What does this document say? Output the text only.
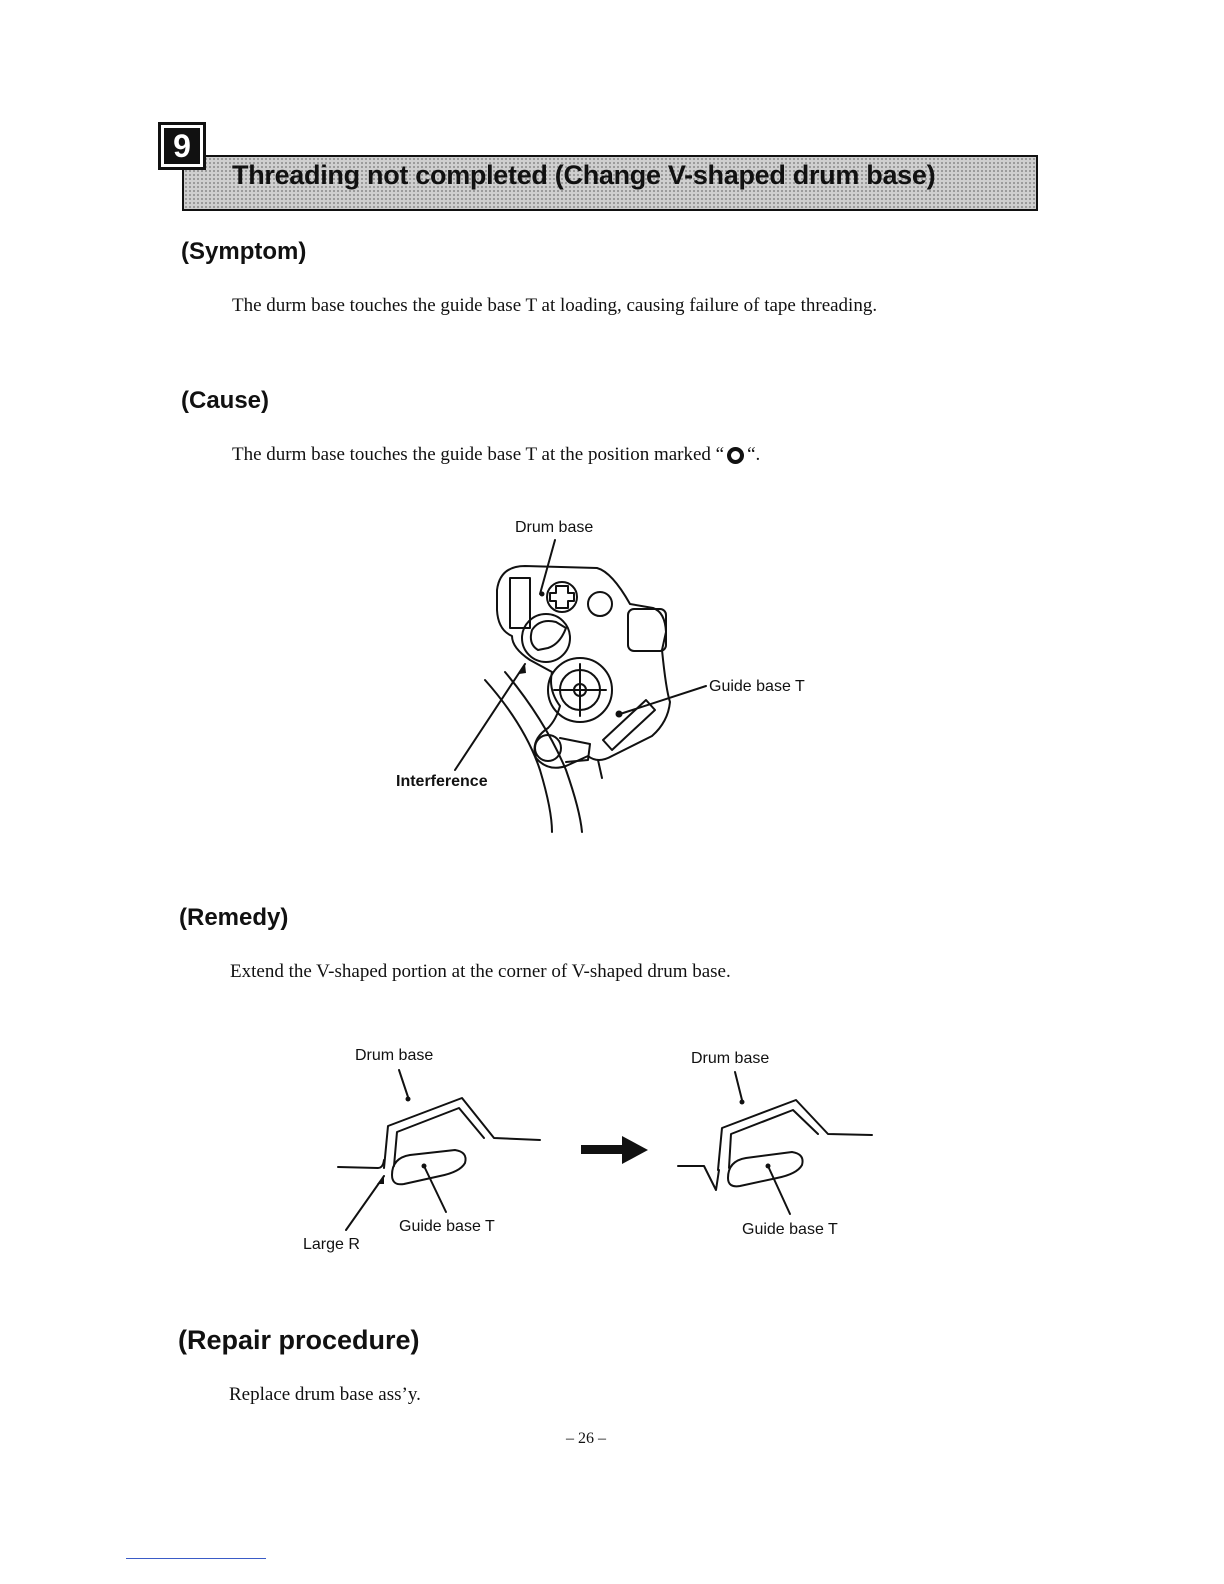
9
Threading not completed (Change V-shaped drum base)
(Symptom)
The durm base touches the guide base T at loading, causing failure of tape threading.
(Cause)
The durm base touches the guide base T at the position marked “ ○ “.
Drum base
Guide base T
Interference
(Remedy)
Extend the V-shaped portion at the corner of V-shaped drum base.
Drum base
Guide base T
Large R
Drum base
Guide base T
(Repair procedure)
Replace drum base ass’y.
– 26 –
